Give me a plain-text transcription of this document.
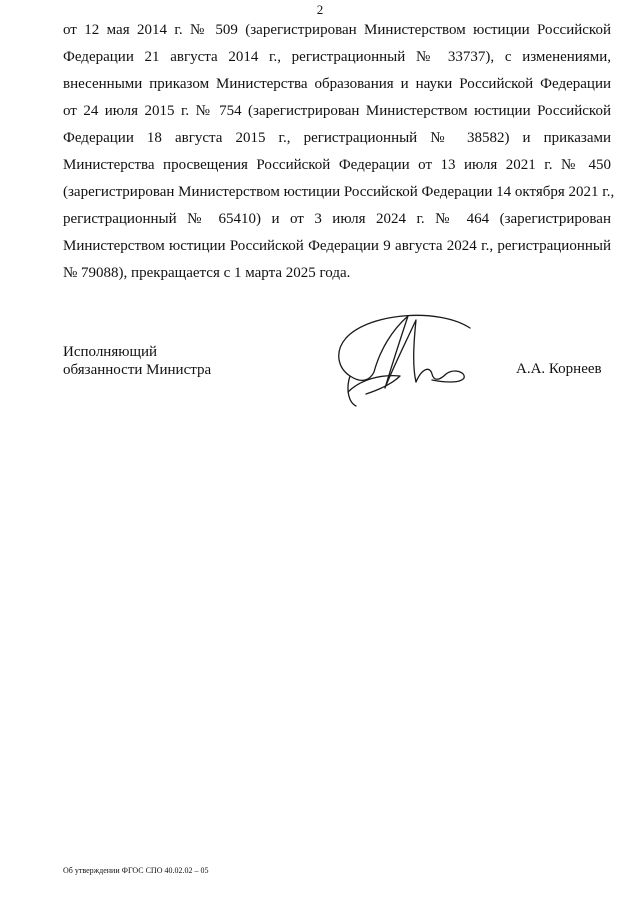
2

от 12 мая 2014 г. № 509 (зарегистрирован Министерством юстиции Российской
Федерации 21 августа 2014 г., регистрационный № 33737), с изменениями,
внесенными приказом Министерства образования и науки Российской Федерации
от 24 июля 2015 г. № 754 (зарегистрирован Министерством юстиции Российской
Федерации 18 августа 2015 г., регистрационный № 38582) и приказами
Министерства просвещения Российской Федерации от 13 июля 2021 г. № 450
(зарегистрирован Министерством юстиции Российской Федерации 14 октября 2021 г.,
регистрационный № 65410) и от 3 июля 2024 г. № 464 (зарегистрирован
Министерством юстиции Российской Федерации 9 августа 2024 г., регистрационный
№ 79088), прекращается с 1 марта 2025 года.

Исполняющий
обязанности Министра	А.А. Корнеев
Об утверждении ФГОС СПО 40.02.02 – 05
